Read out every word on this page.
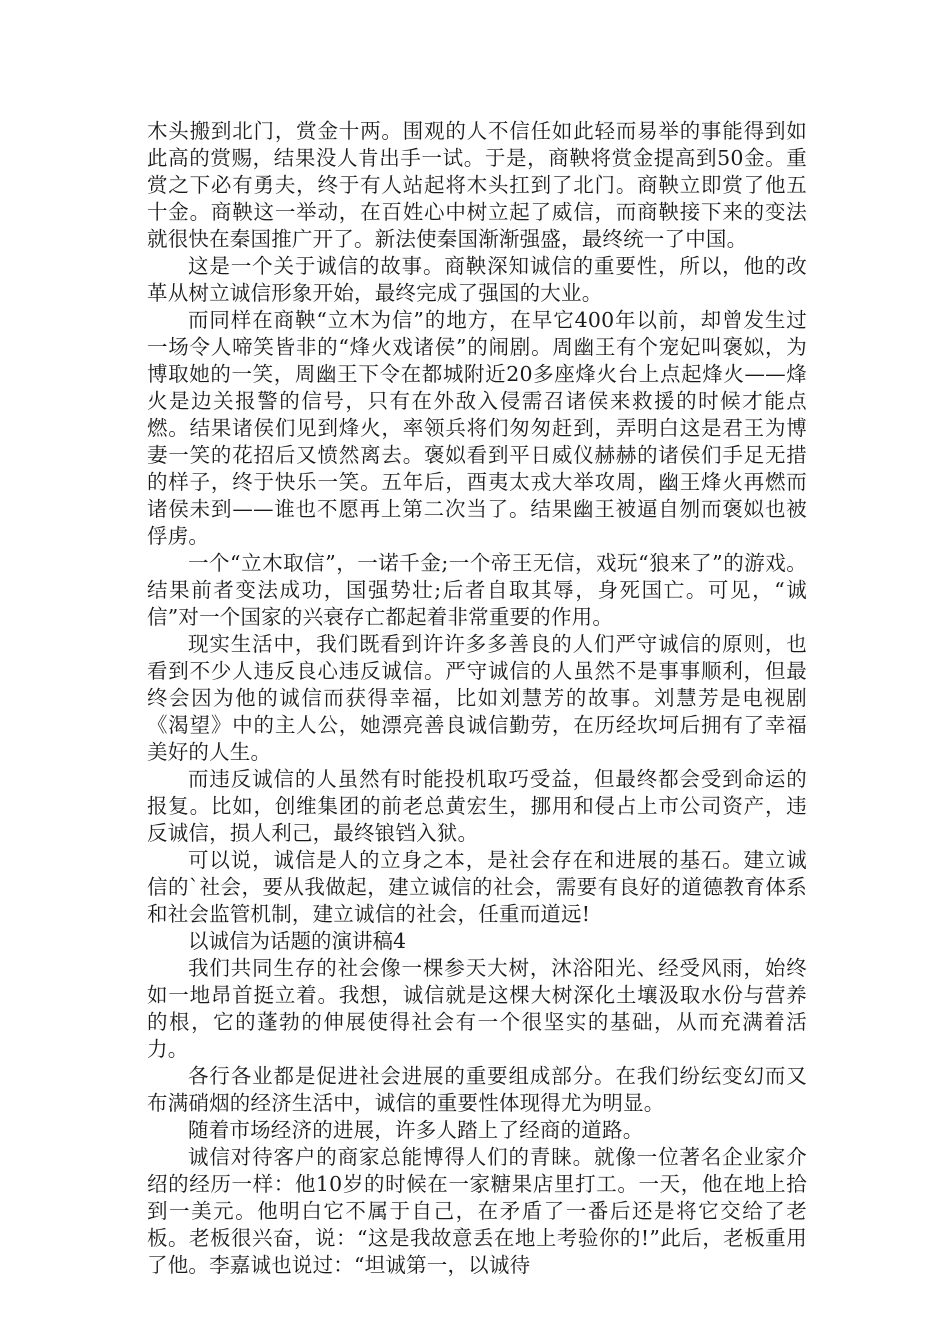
木头搬到北门，赏金十两。围观的人不信任如此轻而易举的事能得到如此高的赏赐，结果没人肯出手一试。于是，商鞅将赏金提高到50金。重赏之下必有勇夫，终于有人站起将木头扛到了北门。商鞅立即赏了他五十金。商鞅这一举动，在百姓心中树立起了威信，而商鞅接下来的变法就很快在秦国推广开了。新法使秦国渐渐强盛，最终统一了中国。

这是一个关于诚信的故事。商鞅深知诚信的重要性，所以，他的改革从树立诚信形象开始，最终完成了强国的大业。

而同样在商鞅“立木为信”的地方，在早它400年以前，却曾发生过一场令人啼笑皆非的“烽火戏诸侯”的闹剧。周幽王有个宠妃叫褒姒，为博取她的一笑，周幽王下令在都城附近20多座烽火台上点起烽火——烽火是边关报警的信号，只有在外敌入侵需召诸侯来救援的时候才能点燃。结果诸侯们见到烽火，率领兵将们匆匆赶到，弄明白这是君王为博妻一笑的花招后又愤然离去。褒姒看到平日威仪赫赫的诸侯们手足无措的样子，终于快乐一笑。五年后，酉夷太戎大举攻周，幽王烽火再燃而诸侯未到——谁也不愿再上第二次当了。结果幽王被逼自刎而褒姒也被俘虏。

一个“立木取信”，一诺千金;一个帝王无信，戏玩“狼来了”的游戏。结果前者变法成功，国强势壮;后者自取其辱，身死国亡。可见，“诚信”对一个国家的兴衰存亡都起着非常重要的作用。

现实生活中，我们既看到许许多多善良的人们严守诚信的原则，也看到不少人违反良心违反诚信。严守诚信的人虽然不是事事顺利，但最终会因为他的诚信而获得幸福，比如刘慧芳的故事。刘慧芳是电视剧《渴望》中的主人公，她漂亮善良诚信勤劳，在历经坎坷后拥有了幸福美好的人生。

而违反诚信的人虽然有时能投机取巧受益，但最终都会受到命运的报复。比如，创维集团的前老总黄宏生，挪用和侵占上市公司资产，违反诚信，损人利己，最终锒铛入狱。

可以说，诚信是人的立身之本，是社会存在和进展的基石。建立诚信的`社会，要从我做起，建立诚信的社会，需要有良好的道德教育体系和社会监管机制，建立诚信的社会，任重而道远!

以诚信为话题的演讲稿4

我们共同生存的社会像一棵参天大树，沐浴阳光、经受风雨，始终如一地昂首挺立着。我想，诚信就是这棵大树深化土壤汲取水份与营养的根，它的蓬勃的伸展使得社会有一个很坚实的基础，从而充满着活力。

各行各业都是促进社会进展的重要组成部分。在我们纷纭变幻而又布满硝烟的经济生活中，诚信的重要性体现得尤为明显。

随着市场经济的进展，许多人踏上了经商的道路。

诚信对待客户的商家总能博得人们的青睐。就像一位著名企业家介绍的经历一样：他10岁的时候在一家糖果店里打工。一天，他在地上拾到一美元。他明白它不属于自己，在矛盾了一番后还是将它交给了老板。老板很兴奋，说：“这是我故意丢在地上考验你的!”此后，老板重用了他。李嘉诚也说过：“坦诚第一，以诚待
